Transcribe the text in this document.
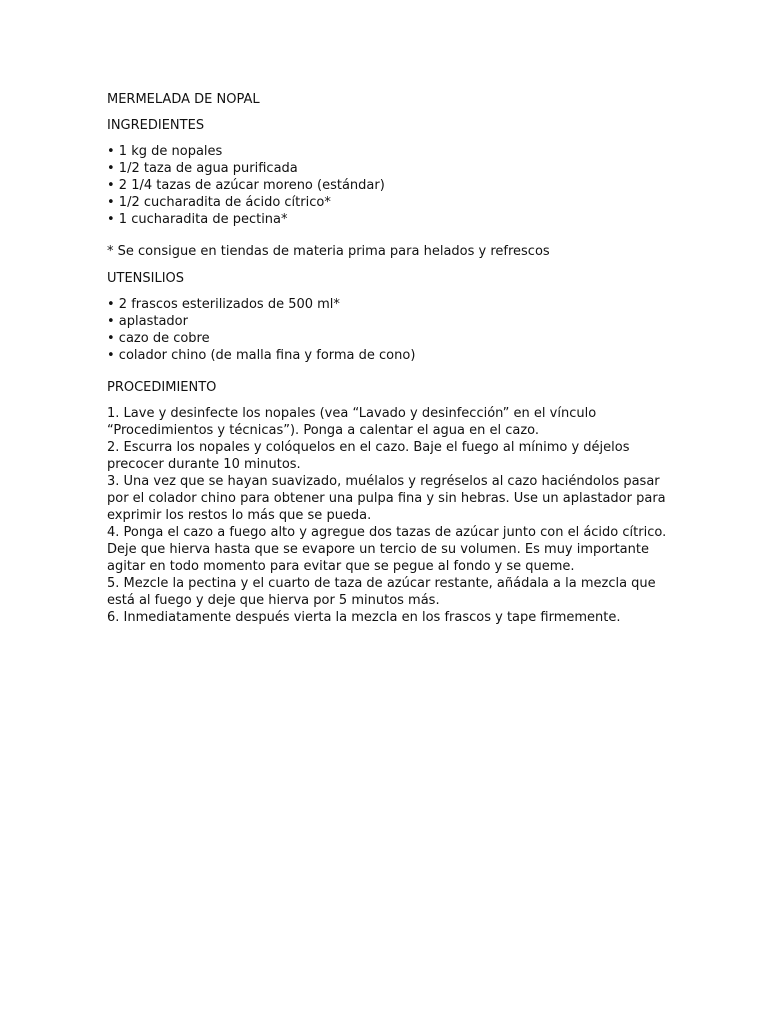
MERMELADA DE NOPAL
INGREDIENTES
• 1 kg de nopales
• 1/2 taza de agua purificada
• 2 1/4 tazas de azúcar moreno (estándar)
• 1/2 cucharadita de ácido cítrico*
• 1 cucharadita de pectina*
* Se consigue en tiendas de materia prima para helados y refrescos
UTENSILIOS
• 2 frascos esterilizados de 500 ml*
• aplastador
• cazo de cobre
• colador chino (de malla fina y forma de cono)
PROCEDIMIENTO
1. Lave y desinfecte los nopales (vea “Lavado y desinfección” en el vínculo
“Procedimientos y técnicas”). Ponga a calentar el agua en el cazo.
2. Escurra los nopales y colóquelos en el cazo. Baje el fuego al mínimo y déjelos
precocer durante 10 minutos.
3. Una vez que se hayan suavizado, muélalos y regréselos al cazo haciéndolos pasar
por el colador chino para obtener una pulpa fina y sin hebras. Use un aplastador para
exprimir los restos lo más que se pueda.
4. Ponga el cazo a fuego alto y agregue dos tazas de azúcar junto con el ácido cítrico.
Deje que hierva hasta que se evapore un tercio de su volumen. Es muy importante
agitar en todo momento para evitar que se pegue al fondo y se queme.
5. Mezcle la pectina y el cuarto de taza de azúcar restante, añádala a la mezcla que
está al fuego y deje que hierva por 5 minutos más.
6. Inmediatamente después vierta la mezcla en los frascos y tape firmemente.
